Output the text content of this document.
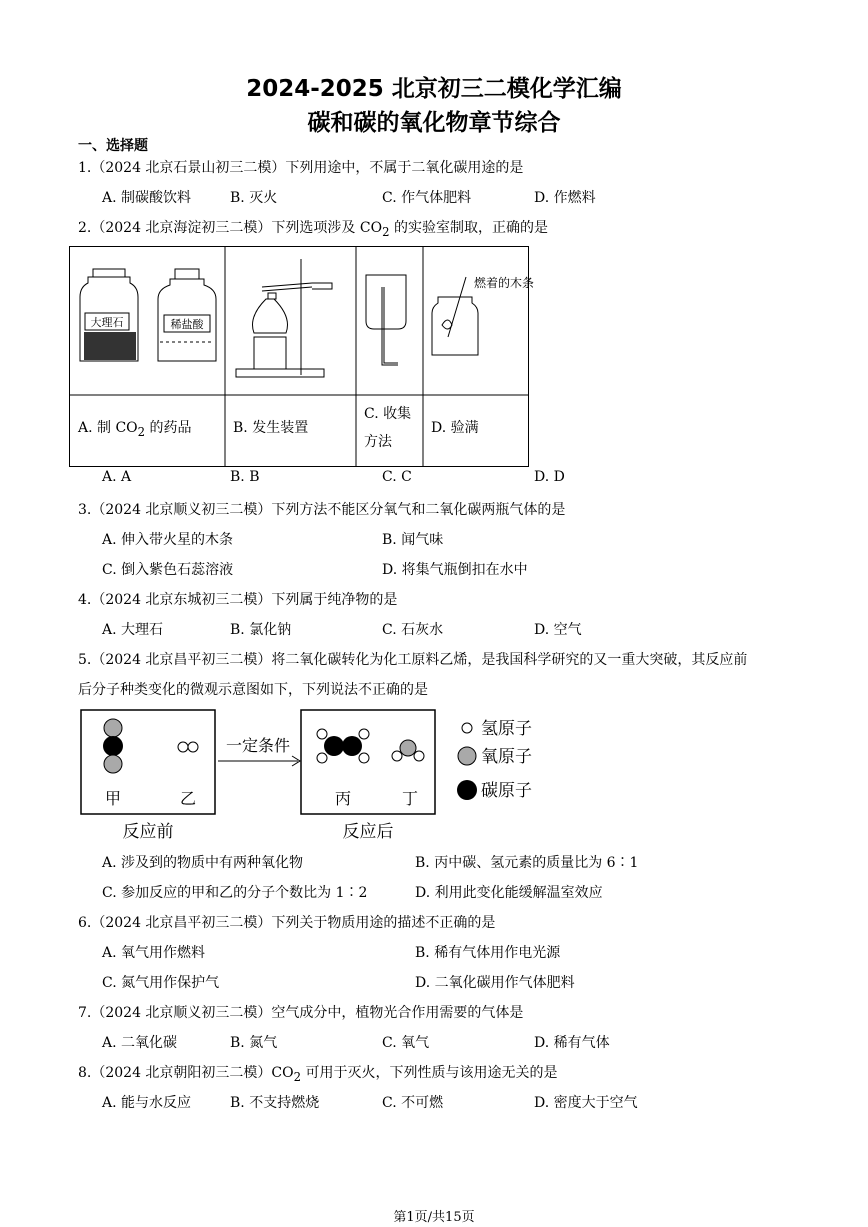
2024-2025 北京初三二模化学汇编
碳和碳的氧化物章节综合
一、选择题
1.（2024 北京石景山初三二模）下列用途中，不属于二氧化碳用途的是
A. 制碳酸饮料	B. 灭火	C. 作气体肥料	D. 作燃料
2.（2024 北京海淀初三二模）下列选项涉及 $CO_2$ 的实验室制取，正确的是
大理石	稀盐酸
燃着的木条
A. 制 $CO_2$ 的药品	B. 发生装置
C. 收集
方法
D. 验满
A. A	B. B	C. C	D. D
3.（2024 北京顺义初三二模）下列方法不能区分氧气和二氧化碳两瓶气体的是
A. 伸入带火星的木条	B. 闻气味
C. 倒入紫色石蕊溶液	D. 将集气瓶倒扣在水中
4.（2024 北京东城初三二模）下列属于纯净物的是
A. 大理石	B. 氯化钠	C. 石灰水	D. 空气
5.（2024 北京昌平初三二模）将二氧化碳转化为化工原料乙烯，是我国科学研究的又一重大突破，其反应前
后分子种类变化的微观示意图如下，下列说法不正确的是
甲	乙
一定条件
丙	丁
反应前	反应后
氢原子
氧原子
碳原子
A. 涉及到的物质中有两种氧化物	B. 丙中碳、氢元素的质量比为 6∶1
C. 参加反应的甲和乙的分子个数比为 1∶2	D. 利用此变化能缓解温室效应
6.（2024 北京昌平初三二模）下列关于物质用途的描述不正确的是
A. 氧气用作燃料	B. 稀有气体用作电光源
C. 氮气用作保护气	D. 二氧化碳用作气体肥料
7.（2024 北京顺义初三二模）空气成分中，植物光合作用需要的气体是
A. 二氧化碳	B. 氮气	C. 氧气	D. 稀有气体
8.（2024 北京朝阳初三二模）$CO_2$ 可用于灭火，下列性质与该用途无关的是
A. 能与水反应	B. 不支持燃烧	C. 不可燃	D. 密度大于空气
第1页/共15页
